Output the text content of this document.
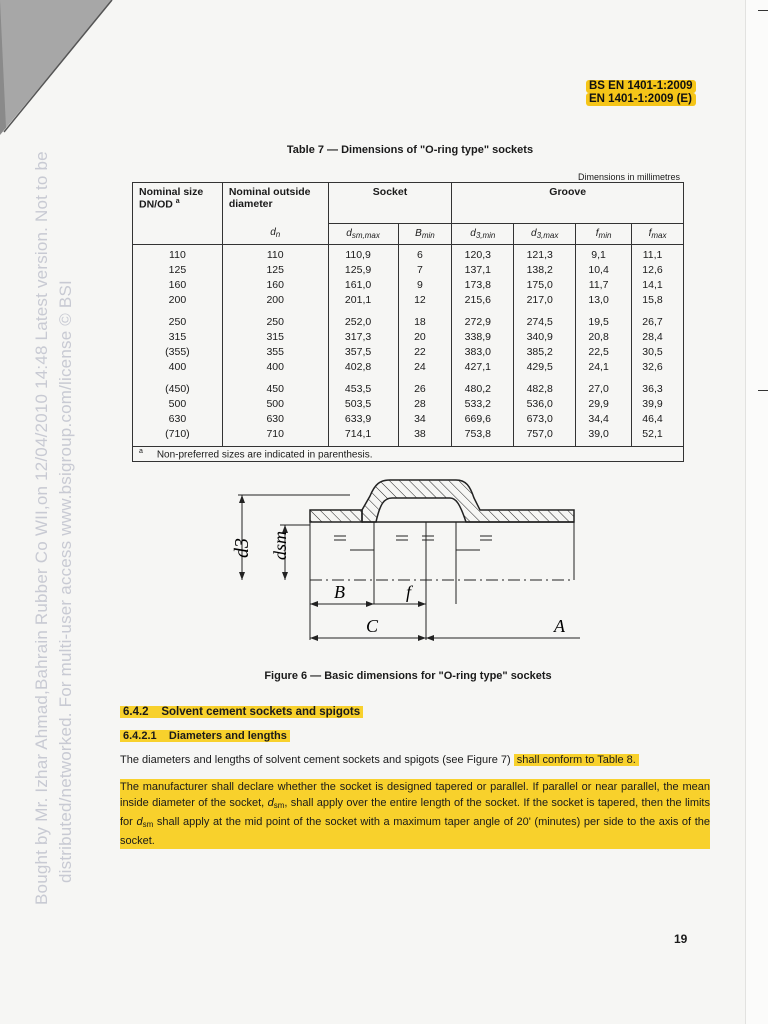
Bought by Mr. Izhar Ahmad,Bahrain Rubber Co WII,on 12/04/2010 14:48 Latest version. Not to be distributed/networked. For multi-user access www.bsigroup.com/license © BSI
BS EN 1401-1:2009
EN 1401-1:2009 (E)
Table 7 — Dimensions of "O-ring type" sockets
Dimensions in millimetres
Nominal size
DN/OD $^a$	Nominal outside diameter	Socket		Groove			
	$d_n$	$d_{sm,max}$	$B_{min}$	$d_{3,min}$	$d_{3,max}$	$f_{min}$	$f_{max}$
110	110	110,9	6	120,3	121,3	9,1	11,1
125	125	125,9	7	137,1	138,2	10,4	12,6
160	160	161,0	9	173,8	175,0	11,7	14,1
200	200	201,1	12	215,6	217,0	13,0	15,8

250	250	252,0	18	272,9	274,5	19,5	26,7
315	315	317,3	20	338,9	340,9	20,8	28,4
(355)	355	357,5	22	383,0	385,2	22,5	30,5
400	400	402,8	24	427,1	429,5	24,1	32,6

(450)	450	453,5	26	480,2	482,8	27,0	36,3
500	500	503,5	28	533,2	536,0	29,9	39,9
630	630	633,9	34	669,6	673,0	34,4	46,4
(710)	710	714,1	38	753,8	757,0	39,0	52,1
$^a$ Non-preferred sizes are indicated in parenthesis.							
d3 dsm
B	f
C	A
Figure 6 — Basic dimensions for "O-ring type" sockets
6.4.2 Solvent cement sockets and spigots
6.4.2.1 Diameters and lengths
The diameters and lengths of solvent cement sockets and spigots (see Figure 7) shall conform to Table 8.
The manufacturer shall declare whether the socket is designed tapered or parallel. If parallel or near parallel, the mean inside diameter of the socket, $d_{sm}$, shall apply over the entire length of the socket. If the socket is tapered, then the limits for $d_{sm}$ shall apply at the mid point of the socket with a maximum taper angle of 20' (minutes) per side to the axis of the socket.
19
